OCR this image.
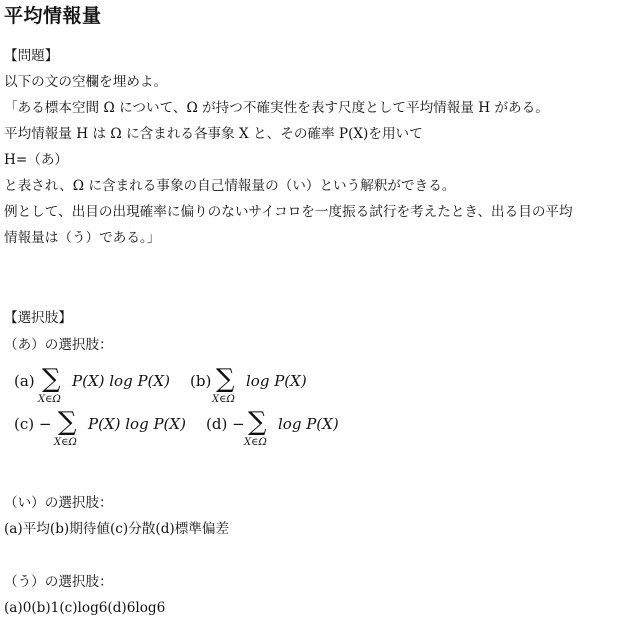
平均情報量

【問題】

以下の文の空欄を埋めよ。

「ある標本空間 Ω について、Ω が持つ不確実性を表す尺度として平均情報量 H がある。

平均情報量 H は Ω に含まれる各事象 X と、その確率 P(X)を用いて

H=（あ）

と表され、Ω に含まれる事象の自己情報量の（い）という解釈ができる。

例として、出目の出現確率に偏りのないサイコロを一度振る試行を考えたとき、出る目の平均

情報量は（う）である。」

【選択肢】

（あ）の選択肢：

(a) ∑
X∈Ω
P(X) log P(X) (b) ∑
X∈Ω
log P(X)
(c) − ∑
X∈Ω
P(X) log P(X) (d) − ∑
X∈Ω
log P(X)

（い）の選択肢：

(a)平均(b)期待値(c)分散(d)標準偏差

（う）の選択肢：

(a)0(b)1(c)log6(d)6log6
